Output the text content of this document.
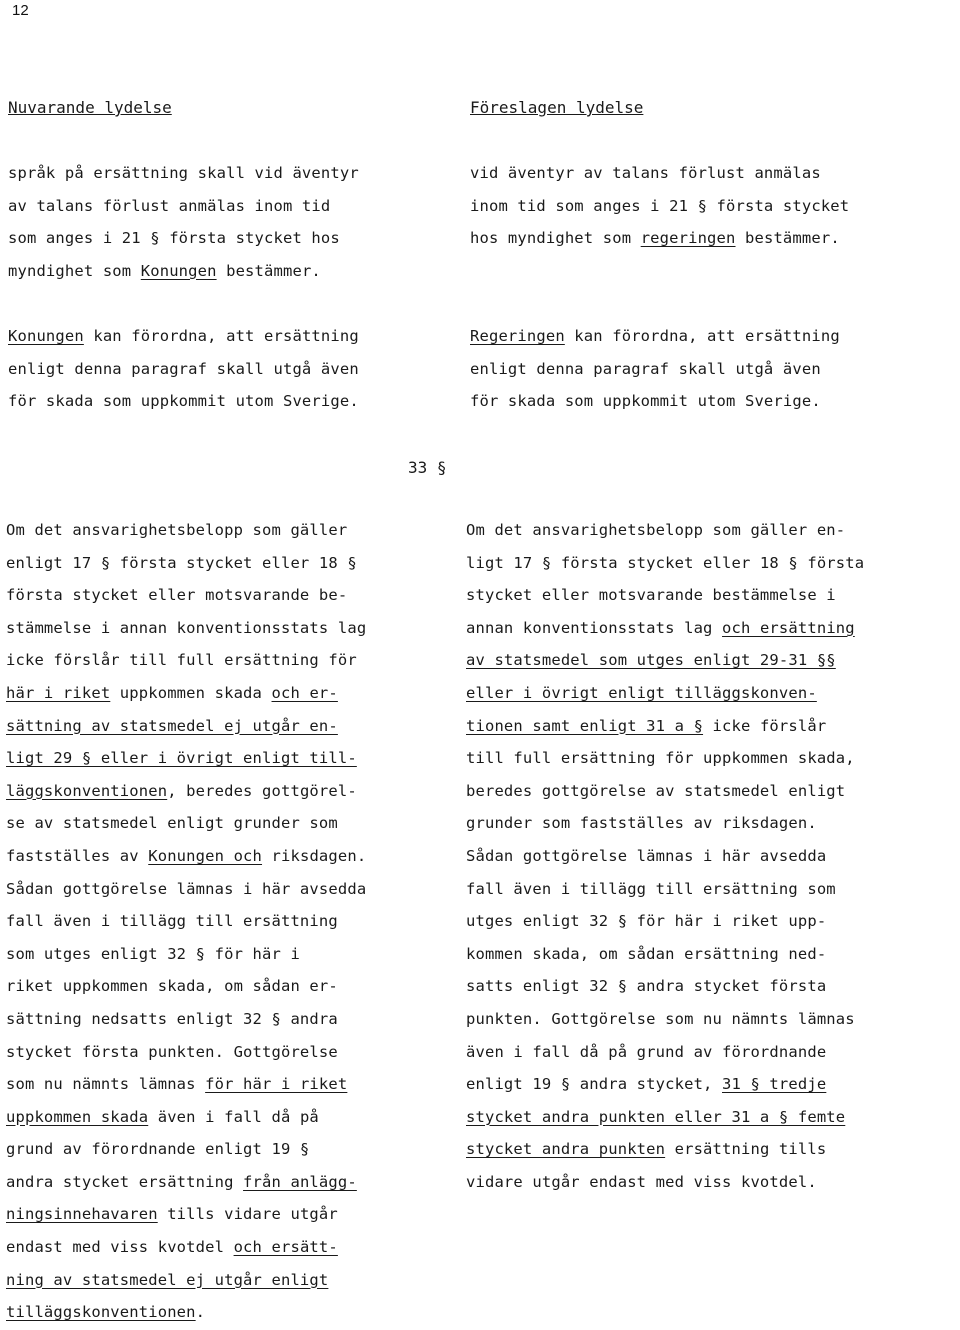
12
Nuvarande lydelse	Föreslagen lydelse
språk på ersättning skall vid äventyr
av talans förlust anmälas inom tid
som anges i 21 § första stycket hos
myndighet som Konungen bestämmer.
Konungen kan förordna, att ersättning
enligt denna paragraf skall utgå även
för skada som uppkommit utom Sverige.
vid äventyr av talans förlust anmälas
inom tid som anges i 21 § första stycket
hos myndighet som regeringen bestämmer.
Regeringen kan förordna, att ersättning
enligt denna paragraf skall utgå även
för skada som uppkommit utom Sverige.
33 §
Om det ansvarighetsbelopp som gäller
enligt 17 § första stycket eller 18 §
första stycket eller motsvarande be-
stämmelse i annan konventionsstats lag
icke förslår till full ersättning för
här i riket uppkommen skada och er-
sättning av statsmedel ej utgår en-
ligt 29 § eller i övrigt enligt till-
läggskonventionen, beredes gottgörel-
se av statsmedel enligt grunder som
fastställes av Konungen och riksdagen.
Sådan gottgörelse lämnas i här avsedda
fall även i tillägg till ersättning
som utges enligt 32 § för här i
riket uppkommen skada, om sådan er-
sättning nedsatts enligt 32 § andra
stycket första punkten. Gottgörelse
som nu nämnts lämnas för här i riket
uppkommen skada även i fall då på
grund av förordnande enligt 19 §
andra stycket ersättning från anlägg-
ningsinnehavaren tills vidare utgår
endast med viss kvotdel och ersätt-
ning av statsmedel ej utgår enligt
tilläggskonventionen.
Om det ansvarighetsbelopp som gäller en-
ligt 17 § första stycket eller 18 § första
stycket eller motsvarande bestämmelse i
annan konventionsstats lag och ersättning
av statsmedel som utges enligt 29-31 §§
eller i övrigt enligt tilläggskonven-
tionen samt enligt 31 a § icke förslår
till full ersättning för uppkommen skada,
beredes gottgörelse av statsmedel enligt
grunder som fastställes av riksdagen.
Sådan gottgörelse lämnas i här avsedda
fall även i tillägg till ersättning som
utges enligt 32 § för här i riket upp-
kommen skada, om sådan ersättning ned-
satts enligt 32 § andra stycket första
punkten. Gottgörelse som nu nämnts lämnas
även i fall då på grund av förordnande
enligt 19 § andra stycket, 31 § tredje
stycket andra punkten eller 31 a § femte
stycket andra punkten ersättning tills
vidare utgår endast med viss kvotdel.
